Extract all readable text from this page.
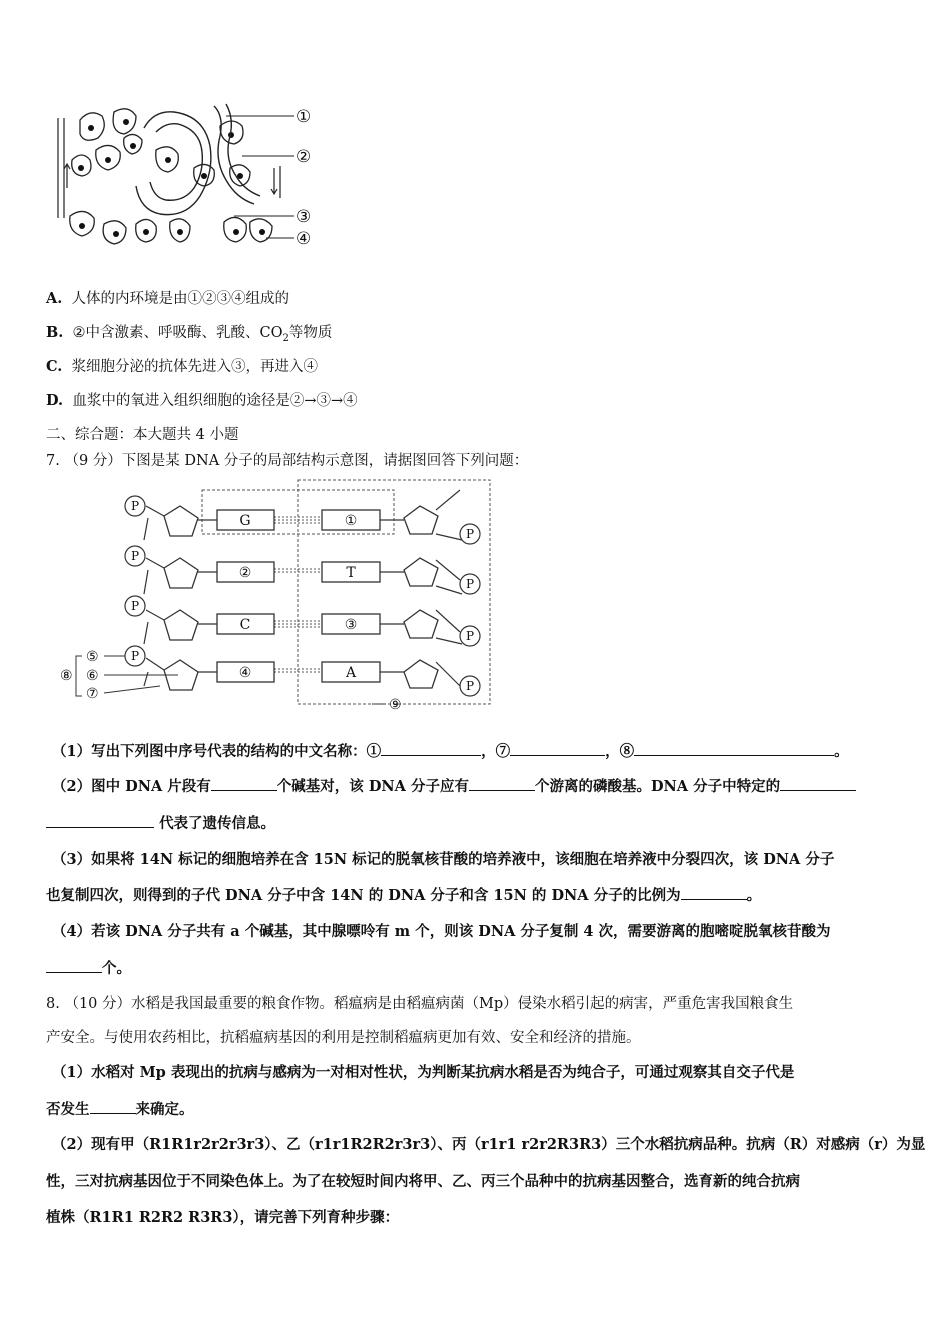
①
②
③
④
A. 人体的内环境是由①②③④组成的
B. ②中含激素、呼吸酶、乳酸、$CO_2$等物质
C. 浆细胞分泌的抗体先进入③，再进入④
D. 血浆中的氧进入组织细胞的途径是②→③→④
二、综合题：本大题共 4 小题
7. （9 分）下图是某 DNA 分子的局部结构示意图，请据图回答下列问题：
G
②
C
④
①
T
③
A
P
P
P
P
P
P
P
P
⑧
⑤
⑥
⑦
⑨
（1）写出下列图中序号代表的结构的中文名称：①	，⑦	，⑧	。
（2）图中 DNA 片段有	个碱基对，该 DNA 分子应有	个游离的磷酸基。DNA 分子中特定的
代表了遗传信息。
（3）如果将 14N 标记的细胞培养在含 15N 标记的脱氧核苷酸的培养液中，该细胞在培养液中分裂四次，该 DNA 分子
也复制四次，则得到的子代 DNA 分子中含 14N 的 DNA 分子和含 15N 的 DNA 分子的比例为	。
（4）若该 DNA 分子共有 a 个碱基，其中腺嘌呤有 m 个，则该 DNA 分子复制 4 次，需要游离的胞嘧啶脱氧核苷酸为
个。
8. （10 分）水稻是我国最重要的粮食作物。稻瘟病是由稻瘟病菌（Mp）侵染水稻引起的病害，严重危害我国粮食生
产安全。与使用农药相比，抗稻瘟病基因的利用是控制稻瘟病更加有效、安全和经济的措施。
（1）水稻对 Mp 表现出的抗病与感病为一对相对性状，为判断某抗病水稻是否为纯合子，可通过观察其自交子代是
否发生	来确定。
（2）现有甲（R1R1r2r2r3r3）、乙（r1r1R2R2r3r3）、丙（r1r1 r2r2R3R3）三个水稻抗病品种。抗病（R）对感病（r）为显
性，三对抗病基因位于不同染色体上。为了在较短时间内将甲、乙、丙三个品种中的抗病基因整合，选育新的纯合抗病
植株（R1R1 R2R2 R3R3），请完善下列育种步骤：
